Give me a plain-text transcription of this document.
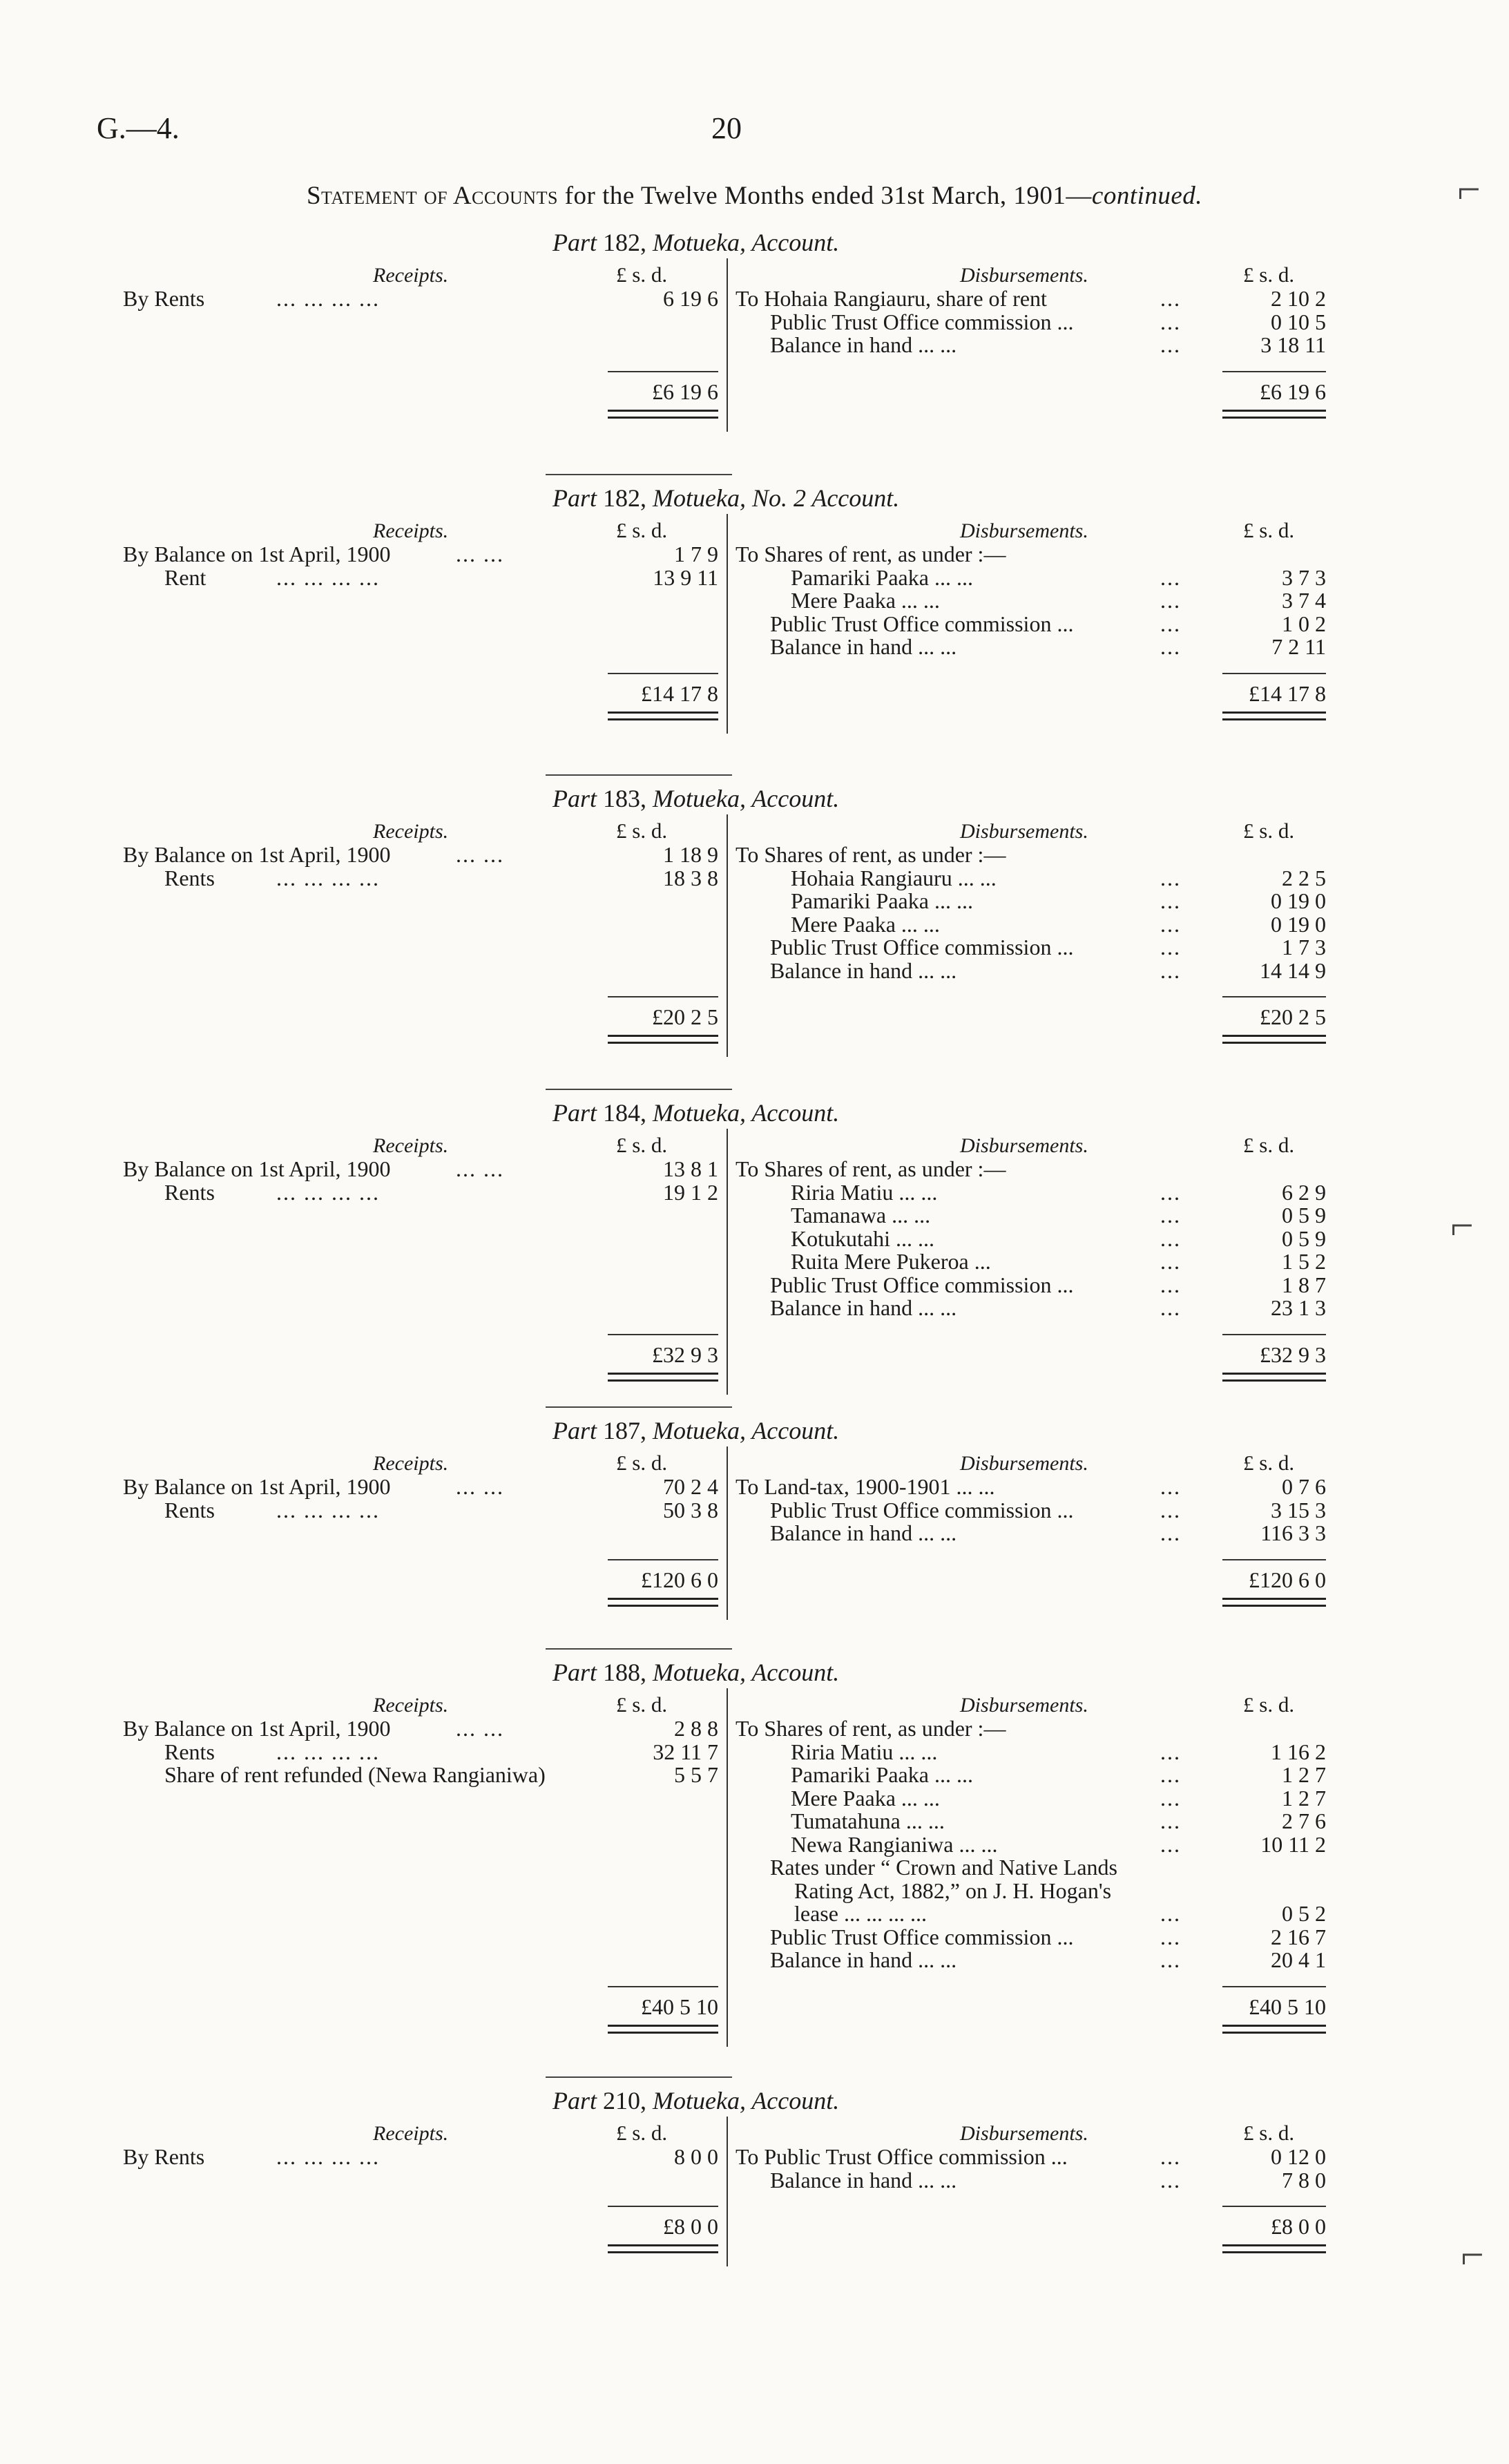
G.—4.	20
Statement of Accounts for the Twelve Months ended 31st March, 1901—continued.	⌐
⌐
⌐
Part 182, Motueka, Account.
Receipts.	£ s. d.	Disbursements.	£ s. d.
By Rents	... ... ... ...	6 19 6 To Hohaia Rangiauru, share of rent	...	2 10 2
Public Trust Office commission ...	...	0 10 5
Balance in hand ... ...	...	3 18 11
£6 19 6	£6 19 6
Part 182, Motueka, No. 2 Account.
Receipts.	£ s. d.	Disbursements.	£ s. d.
By Balance on 1st April, 1900	... ...	1 7 9
Rent	... ... ... ...	13 9 11
To Shares of rent, as under :—
Pamariki Paaka ... ...	...	3 7 3
Mere Paaka ... ...	...	3 7 4
Public Trust Office commission ...	...	1 0 2
Balance in hand ... ...	...	7 2 11
£14 17 8	£14 17 8
Part 183, Motueka, Account.
Receipts.	£ s. d.	Disbursements.	£ s. d.
By Balance on 1st April, 1900	... ...	1 18 9
Rents	... ... ... ...	18 3 8
To Shares of rent, as under :—
Hohaia Rangiauru ... ...	...	2 2 5
Pamariki Paaka ... ...	...	0 19 0
Mere Paaka ... ...	...	0 19 0
Public Trust Office commission ...	...	1 7 3
Balance in hand ... ...	...	14 14 9
£20 2 5	£20 2 5
Part 184, Motueka, Account.
Receipts.	£ s. d.	Disbursements.	£ s. d.
By Balance on 1st April, 1900	... ...	13 8 1
Rents	... ... ... ...	19 1 2
To Shares of rent, as under :—
Riria Matiu ... ...	...	6 2 9
Tamanawa ... ...	...	0 5 9
Kotukutahi ... ...	...	0 5 9
Ruita Mere Pukeroa ...	...	1 5 2
Public Trust Office commission ...	...	1 8 7
Balance in hand ... ...	...	23 1 3
£32 9 3	£32 9 3
Part 187, Motueka, Account.
Receipts.	£ s. d.	Disbursements.	£ s. d.
By Balance on 1st April, 1900	... ...	70 2 4
Rents	... ... ... ...	50 3 8
To Land-tax, 1900-1901 ... ...	...	0 7 6
Public Trust Office commission ...	...	3 15 3
Balance in hand ... ...	...	116 3 3
£120 6 0	£120 6 0
Part 188, Motueka, Account.
Receipts.	£ s. d.	Disbursements.	£ s. d.
By Balance on 1st April, 1900	... ...	2 8 8
Rents	... ... ... ...	32 11 7
Share of rent refunded (Newa Rangianiwa)	5 5 7
To Shares of rent, as under :—
Riria Matiu ... ...	...	1 16 2
Pamariki Paaka ... ...	...	1 2 7
Mere Paaka ... ...	...	1 2 7
Tumatahuna ... ...	...	2 7 6
Newa Rangianiwa ... ...	...	10 11 2
Rates under “ Crown and Native Lands
Rating Act, 1882,” on J. H. Hogan's
lease ... ... ... ...	...	0 5 2
Public Trust Office commission ...	...	2 16 7
Balance in hand ... ...	...	20 4 1
£40 5 10	£40 5 10
Part 210, Motueka, Account.
Receipts.	£ s. d.	Disbursements.	£ s. d.
By Rents	... ... ... ...	8 0 0 To Public Trust Office commission ...	...	0 12 0
Balance in hand ... ...	...	7 8 0
£8 0 0	£8 0 0
